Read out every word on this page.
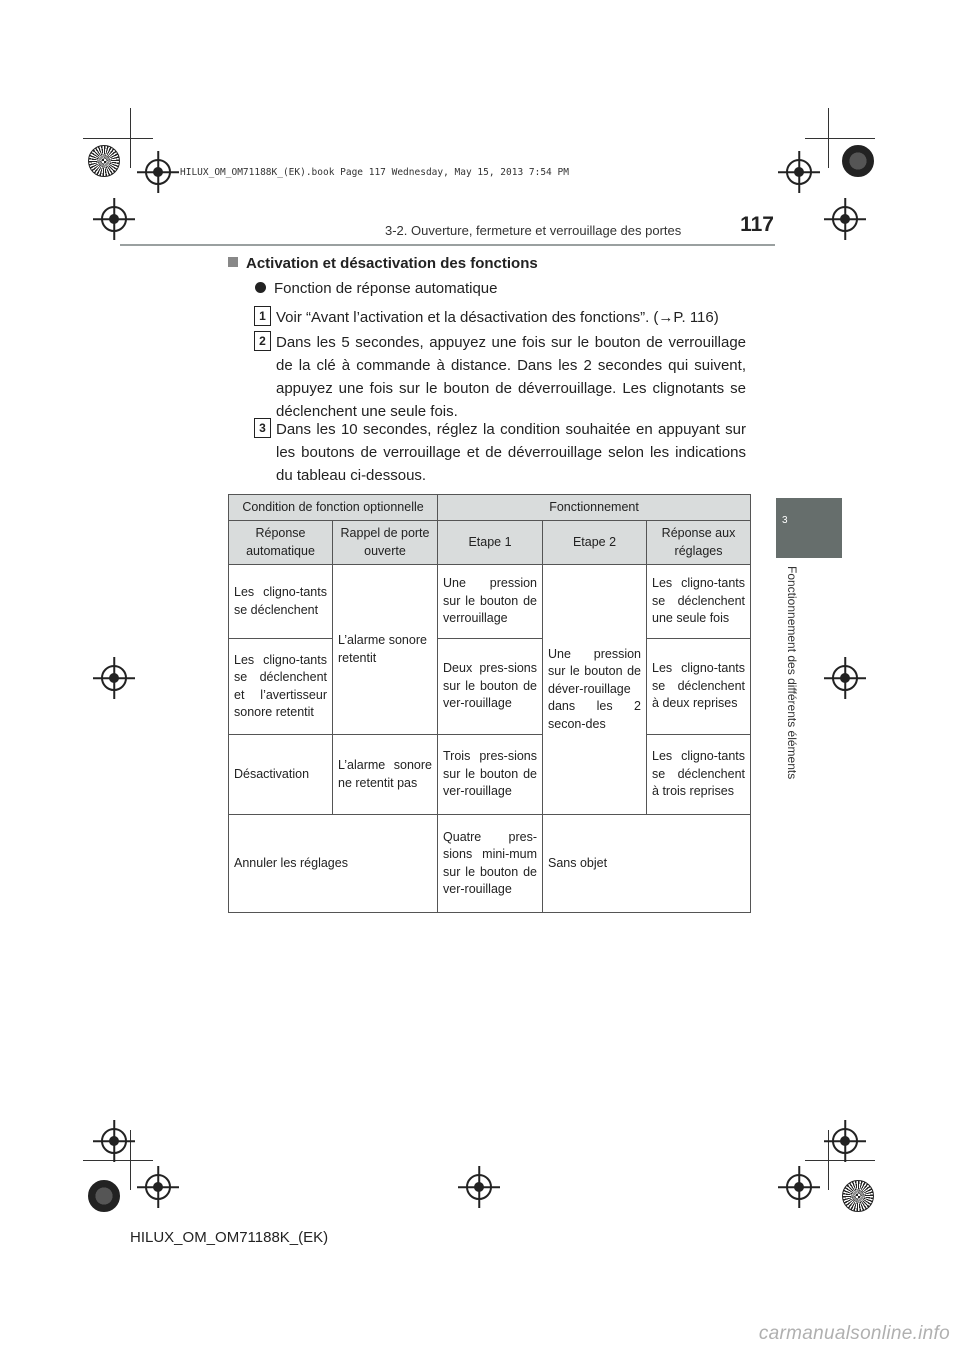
HILUX_OM_OM71188K_(EK).book Page 117 Wednesday, May 15, 2013 7:54 PM
3-2. Ouverture, fermeture et verrouillage des portes	117
3
Fonctionnement des différents éléments
Activation et désactivation des fonctions
Fonction de réponse automatique
1 Voir “Avant l’activation et la désactivation des fonctions”. (→P. 116)
2 Dans les 5 secondes, appuyez une fois sur le bouton de verrouillage de la clé à commande à distance. Dans les 2 secondes qui suivent, appuyez une fois sur le bouton de déverrouillage. Les clignotants se déclenchent une seule fois.
3 Dans les 10 secondes, réglez la condition souhaitée en appuyant sur les boutons de verrouillage et de déverrouillage selon les indications du tableau ci-dessous.
Condition de fonction optionnelle		Fonctionnement		
Réponse automatique	Rappel de porte ouverte	Etape 1	Etape 2	Réponse aux réglages
Les cligno-tants se déclenchent	L’alarme sonore retentit	Une pression sur le bouton de verrouillage	Une pression sur le bouton de déver-rouillage dans les 2 secon-des	Les cligno-tants se déclenchent une seule fois
Les cligno-tants se déclenchent et l’avertisseur sonore retentit		Deux pres-sions sur le bouton de ver-rouillage		Les cligno-tants se déclenchent à deux reprises
Désactivation	L’alarme sonore ne retentit pas	Trois pres-sions sur le bouton de ver-rouillage		Les cligno-tants se déclenchent à trois reprises
Annuler les réglages		Quatre pres-sions mini-mum sur le bouton de ver-rouillage	Sans objet	
HILUX_OM_OM71188K_(EK)
carmanualsonline.info
